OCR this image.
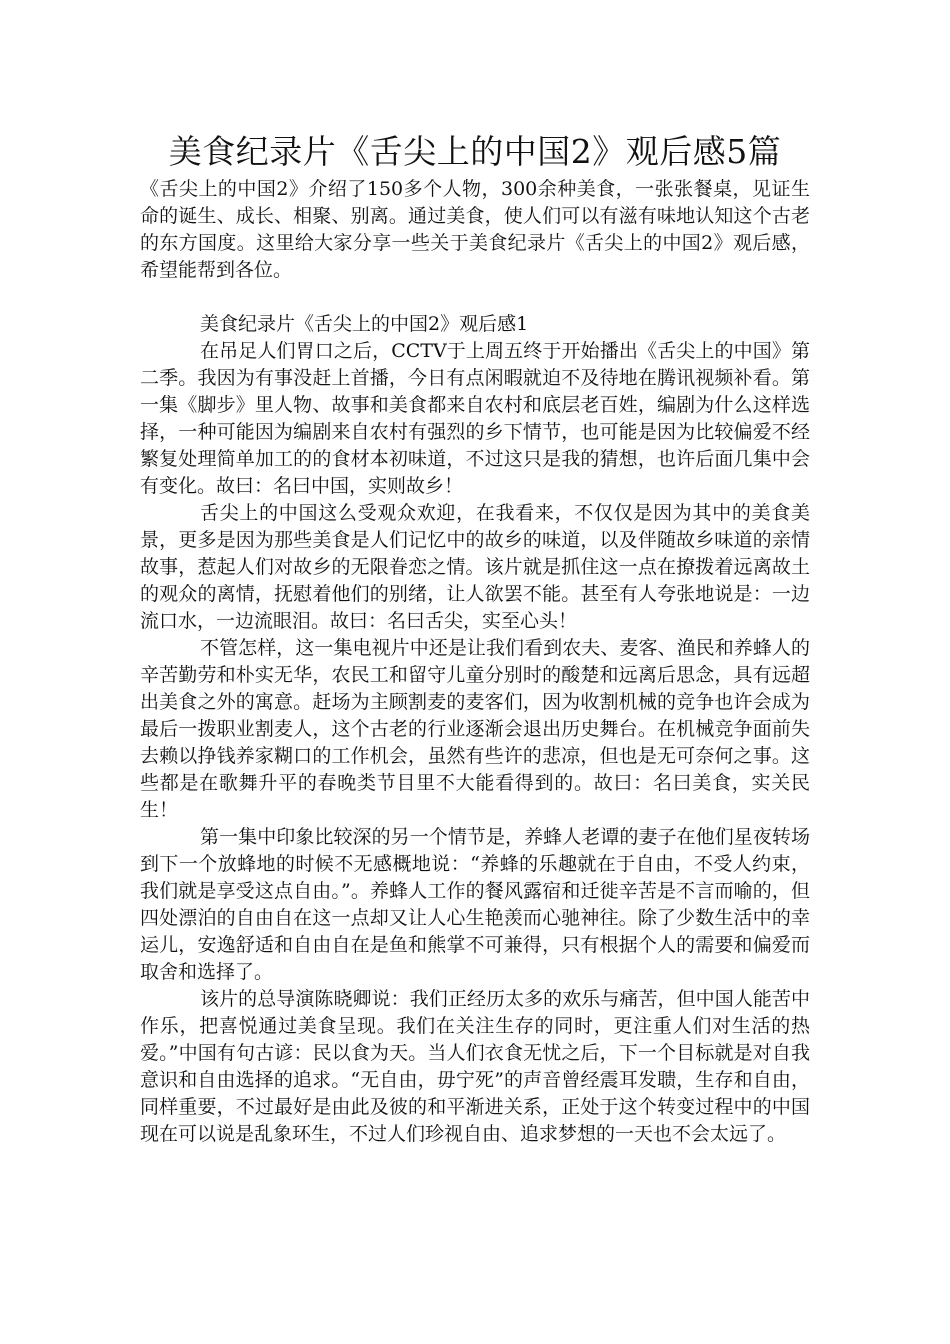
美食纪录片《舌尖上的中国2》观后感5篇

《舌尖上的中国2》介绍了150多个人物，300余种美食，一张张餐桌，见证生命的诞生、成长、相聚、别离。通过美食，使人们可以有滋有味地认知这个古老的东方国度。这里给大家分享一些关于美食纪录片《舌尖上的中国2》观后感，希望能帮到各位。

美食纪录片《舌尖上的中国2》观后感1

在吊足人们胃口之后，CCTV于上周五终于开始播出《舌尖上的中国》第二季。我因为有事没赶上首播，今日有点闲暇就迫不及待地在腾讯视频补看。第一集《脚步》里人物、故事和美食都来自农村和底层老百姓，编剧为什么这样选择，一种可能因为编剧来自农村有强烈的乡下情节，也可能是因为比较偏爱不经繁复处理简单加工的的食材本初味道，不过这只是我的猜想，也许后面几集中会有变化。故曰：名曰中国，实则故乡！

舌尖上的中国这么受观众欢迎，在我看来，不仅仅是因为其中的美食美景，更多是因为那些美食是人们记忆中的故乡的味道，以及伴随故乡味道的亲情故事，惹起人们对故乡的无限眷恋之情。该片就是抓住这一点在撩拨着远离故土的观众的离情，抚慰着他们的别绪，让人欲罢不能。甚至有人夸张地说是：一边流口水，一边流眼泪。故曰：名曰舌尖，实至心头！

不管怎样，这一集电视片中还是让我们看到农夫、麦客、渔民和养蜂人的辛苦勤劳和朴实无华，农民工和留守儿童分别时的酸楚和远离后思念，具有远超出美食之外的寓意。赶场为主顾割麦的麦客们，因为收割机械的竞争也许会成为最后一拨职业割麦人，这个古老的行业逐渐会退出历史舞台。在机械竞争面前失去赖以挣钱养家糊口的工作机会，虽然有些许的悲凉，但也是无可奈何之事。这些都是在歌舞升平的春晚类节目里不大能看得到的。故曰：名曰美食，实关民生！

第一集中印象比较深的另一个情节是，养蜂人老谭的妻子在他们星夜转场到下一个放蜂地的时候不无感概地说：“养蜂的乐趣就在于自由，不受人约束，我们就是享受这点自由。”。养蜂人工作的餐风露宿和迁徙辛苦是不言而喻的，但四处漂泊的自由自在这一点却又让人心生艳羡而心驰神往。除了少数生活中的幸运儿，安逸舒适和自由自在是鱼和熊掌不可兼得，只有根据个人的需要和偏爱而取舍和选择了。

该片的总导演陈晓卿说：我们正经历太多的欢乐与痛苦，但中国人能苦中作乐，把喜悦通过美食呈现。我们在关注生存的同时，更注重人们对生活的热爱。”中国有句古谚：民以食为天。当人们衣食无忧之后，下一个目标就是对自我意识和自由选择的追求。“无自由，毋宁死”的声音曾经震耳发聩，生存和自由，同样重要，不过最好是由此及彼的和平渐进关系，正处于这个转变过程中的中国现在可以说是乱象环生，不过人们珍视自由、追求梦想的一天也不会太远了。
